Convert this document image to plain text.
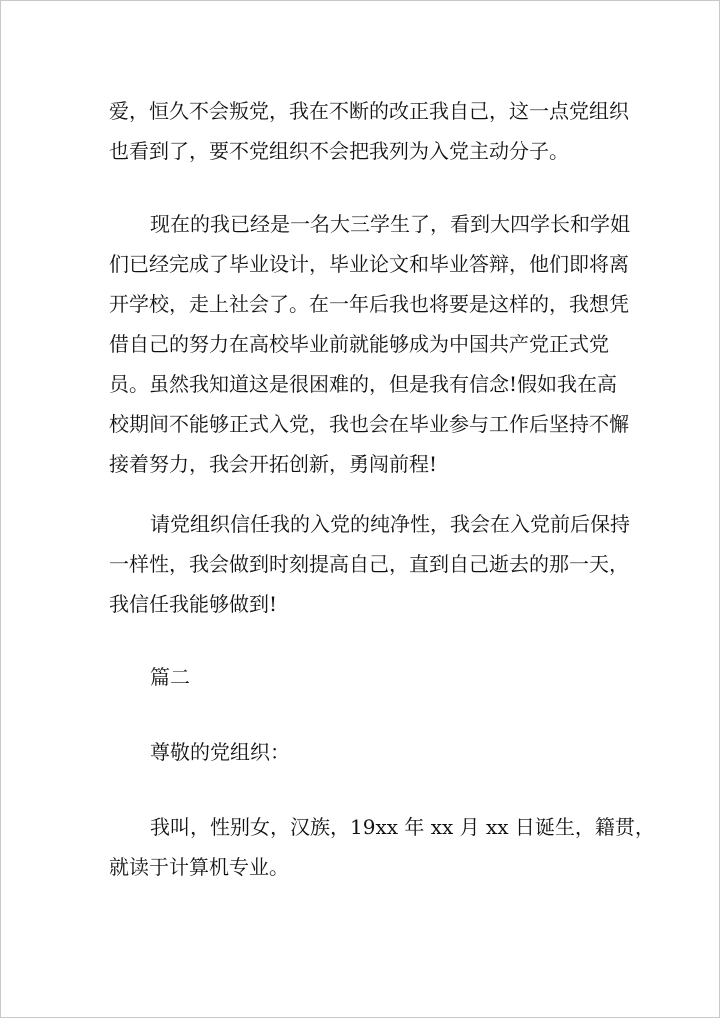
爱，恒久不会叛党，我在不断的改正我自己，这一点党组织
也看到了，要不党组织不会把我列为入党主动分子。
现在的我已经是一名大三学生了，看到大四学长和学姐
们已经完成了毕业设计，毕业论文和毕业答辩，他们即将离
开学校，走上社会了。在一年后我也将要是这样的，我想凭
借自己的努力在高校毕业前就能够成为中国共产党正式党
员。虽然我知道这是很困难的，但是我有信念!假如我在高
校期间不能够正式入党，我也会在毕业参与工作后坚持不懈
接着努力，我会开拓创新，勇闯前程!
请党组织信任我的入党的纯净性，我会在入党前后保持
一样性，我会做到时刻提高自己，直到自己逝去的那一天，
我信任我能够做到!
篇二
尊敬的党组织：
我叫，性别女，汉族，19xx 年 xx 月 xx 日诞生，籍贯，
就读于计算机专业。
